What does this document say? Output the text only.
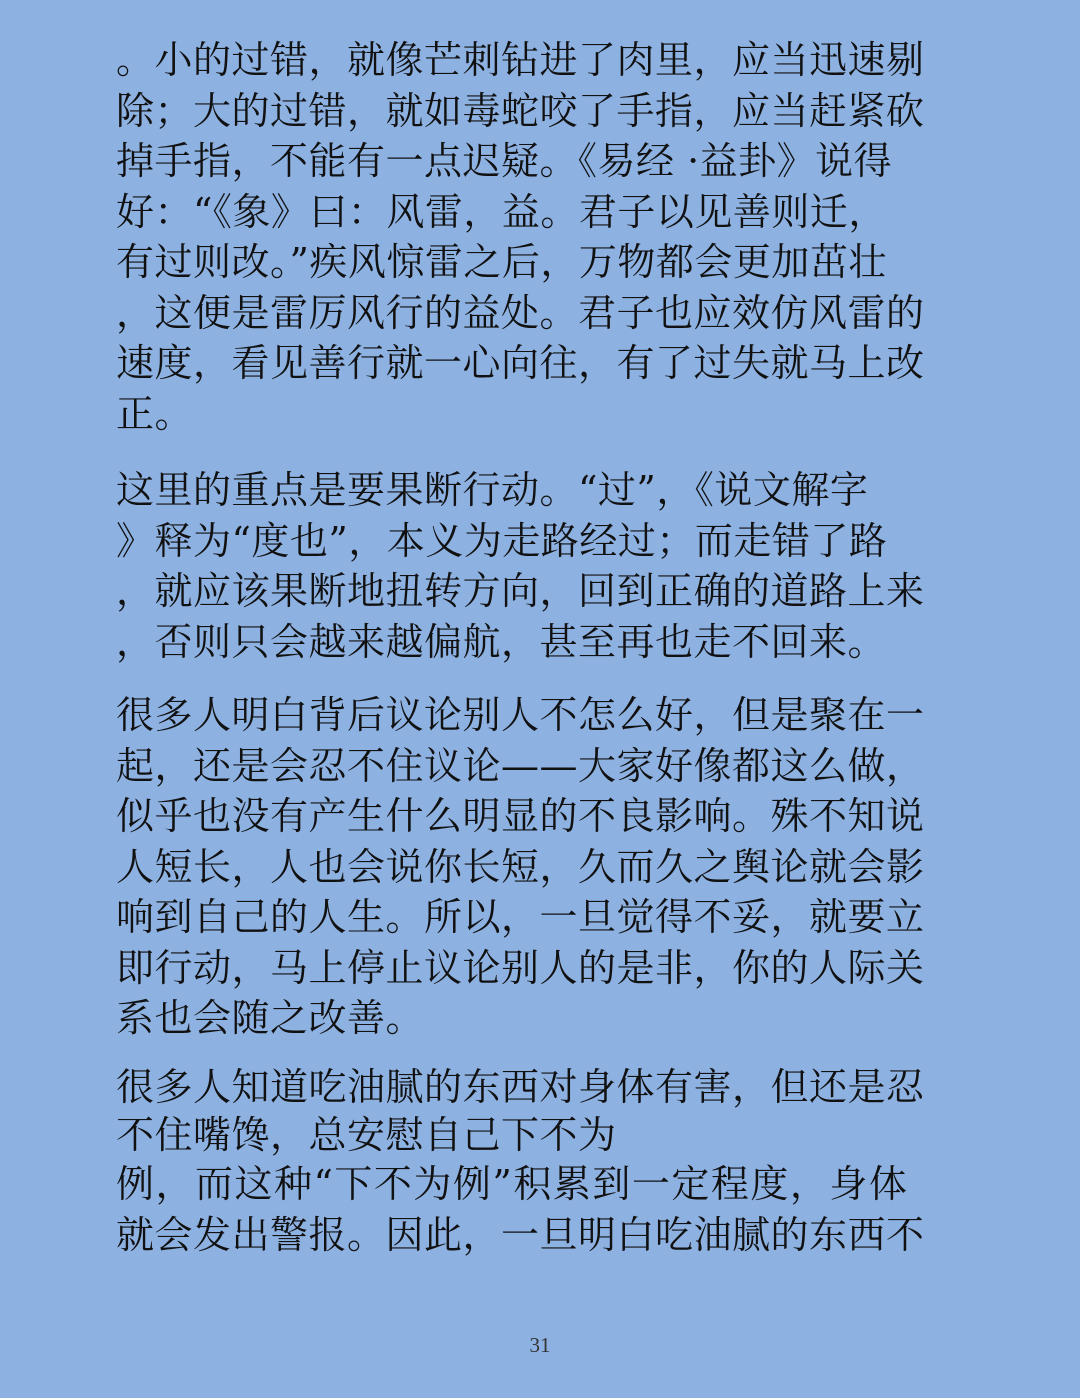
。小的过错，就像芒刺钻进了肉里，应当迅速剔
除；大的过错，就如毒蛇咬了手指，应当赶紧砍
掉手指，不能有一点迟疑。《易经 ·益卦》说得
好：“《象》曰：风雷，益。君子以见善则迁，
有过则改。”疾风惊雷之后，万物都会更加茁壮
，这便是雷厉风行的益处。君子也应效仿风雷的
速度，看见善行就一心向往，有了过失就马上改
正。
这里的重点是要果断行动。“过”，《说文解字
》释为“度也”，本义为走路经过；而走错了路
，就应该果断地扭转方向，回到正确的道路上来
，否则只会越来越偏航，甚至再也走不回来。
很多人明白背后议论别人不怎么好，但是聚在一
起，还是会忍不住议论——大家好像都这么做，
似乎也没有产生什么明显的不良影响。殊不知说
人短长，人也会说你长短，久而久之舆论就会影
响到自己的人生。所以，一旦觉得不妥，就要立
即行动，马上停止议论别人的是非，你的人际关
系也会随之改善。
很多人知道吃油腻的东西对身体有害，但还是忍
不住嘴馋，总安慰自己下不为
例，而这种“下不为例”积累到一定程度，身体
就会发出警报。因此，一旦明白吃油腻的东西不
31
